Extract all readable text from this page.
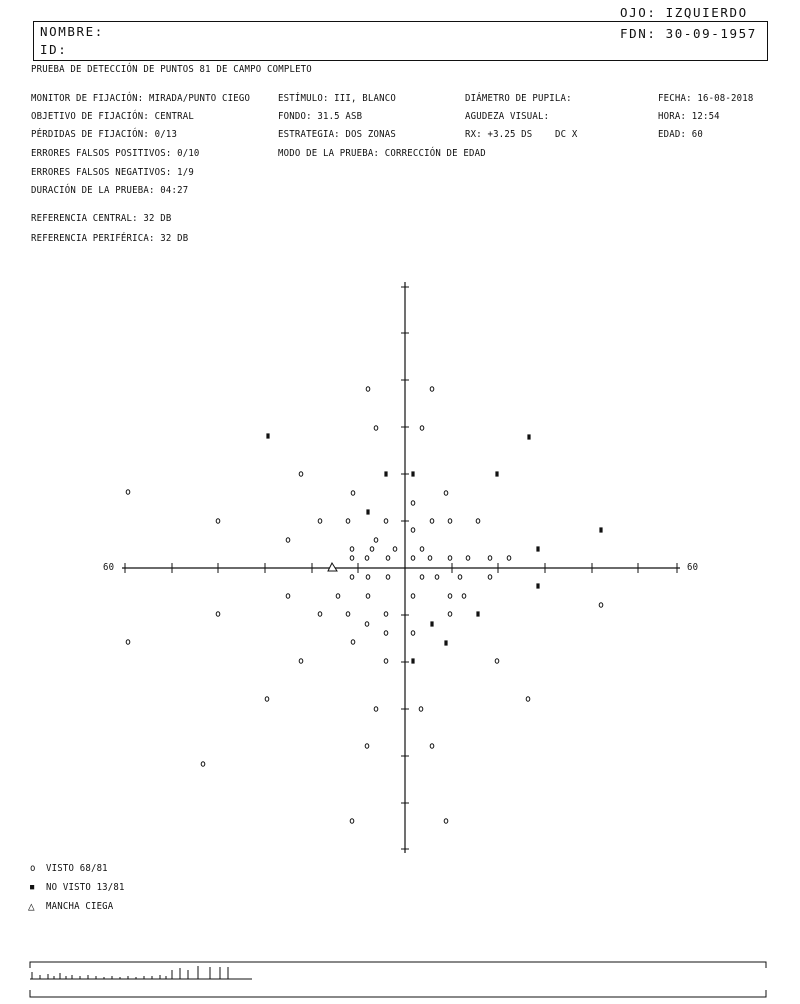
OJO: IZQUIERDO
NOMBRE:
ID:
FDN: 30-09-1957
PRUEBA DE DETECCIÓN DE PUNTOS 81 DE CAMPO COMPLETO
MONITOR DE FIJACIÓN: MIRADA/PUNTO CIEGO
OBJETIVO DE FIJACIÓN: CENTRAL
PÉRDIDAS DE FIJACIÓN: 0/13
ERRORES FALSOS POSITIVOS: 0/10
ERRORES FALSOS NEGATIVOS: 1/9
DURACIÓN DE LA PRUEBA: 04:27
ESTÍMULO: III, BLANCO
FONDO: 31.5 ASB
ESTRATEGIA: DOS ZONAS
MODO DE LA PRUEBA: CORRECCIÓN DE EDAD
DIÁMETRO DE PUPILA:
AGUDEZA VISUAL:
RX: +3.25 DS	DC X
FECHA: 16-08-2018
HORA: 12:54
EDAD: 60
REFERENCIA CENTRAL: 32 DB
REFERENCIA PERIFÉRICA: 32 DB
60	60
o VISTO 68/81
■ NO VISTO 13/81
△ MANCHA CIEGA
